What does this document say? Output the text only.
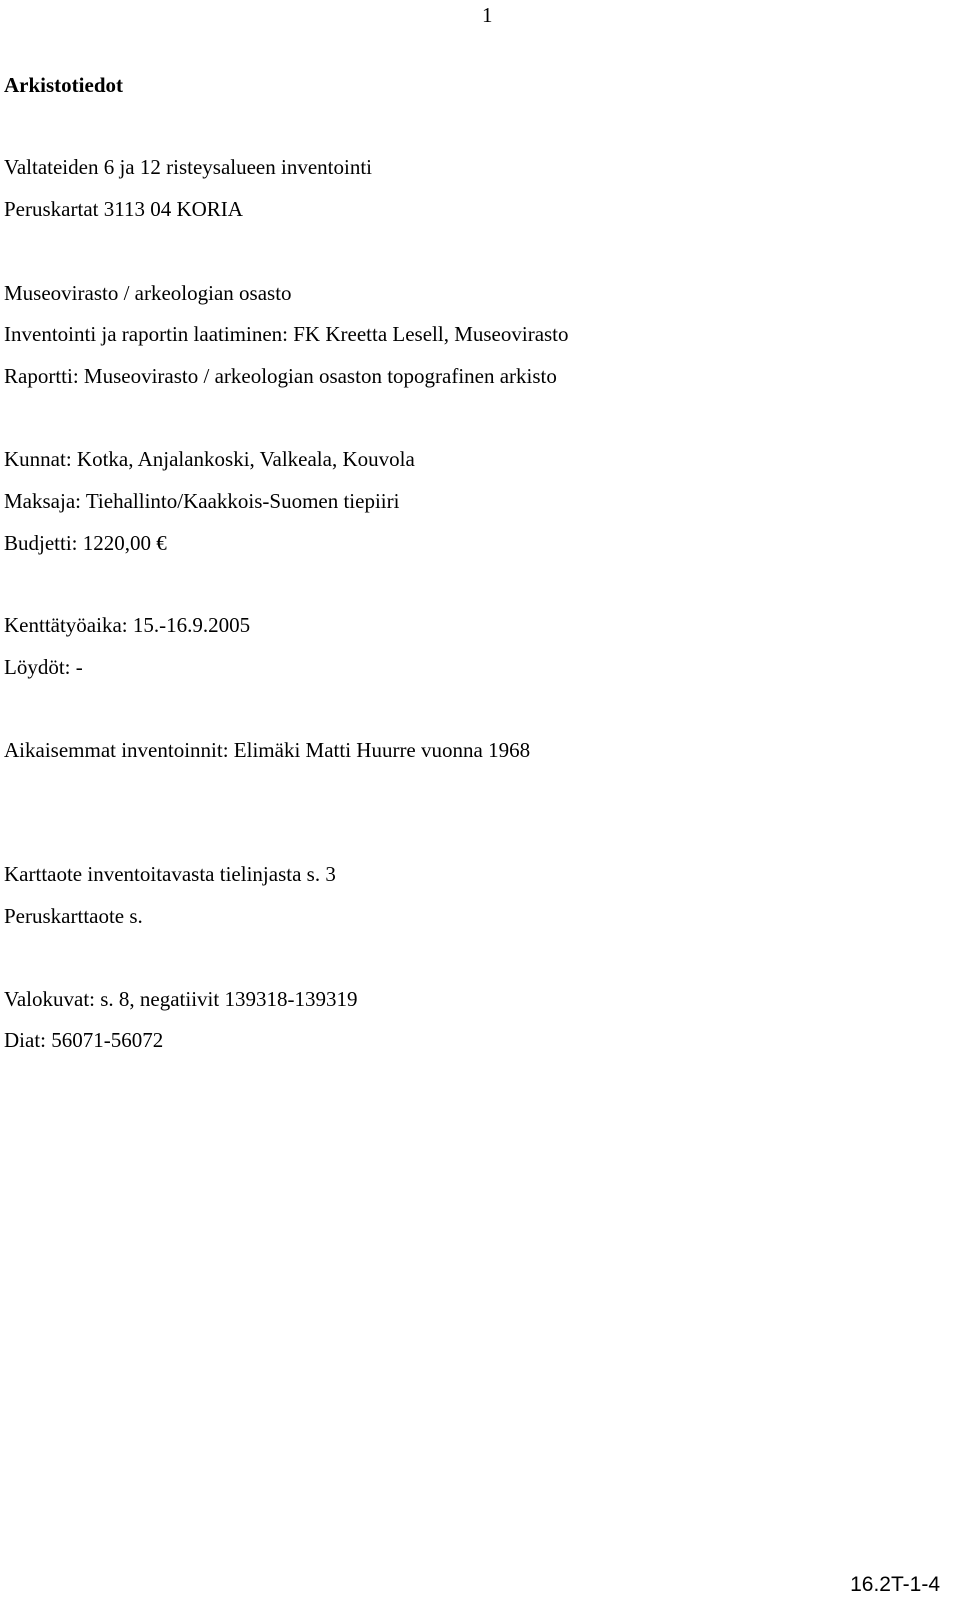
1
Arkistotiedot
Valtateiden 6 ja 12 risteysalueen inventointi
Peruskartat 3113 04 KORIA
Museovirasto / arkeologian osasto
Inventointi ja raportin laatiminen: FK Kreetta Lesell, Museovirasto
Raportti: Museovirasto / arkeologian osaston topografinen arkisto
Kunnat: Kotka, Anjalankoski, Valkeala, Kouvola
Maksaja: Tiehallinto/Kaakkois-Suomen tiepiiri
Budjetti: 1220,00 €
Kenttätyöaika: 15.-16.9.2005
Löydöt: -
Aikaisemmat inventoinnit: Elimäki Matti Huurre vuonna 1968
Karttaote inventoitavasta tielinjasta s. 3
Peruskarttaote s.
Valokuvat: s. 8, negatiivit 139318-139319
Diat: 56071-56072
16.2T-1-4
